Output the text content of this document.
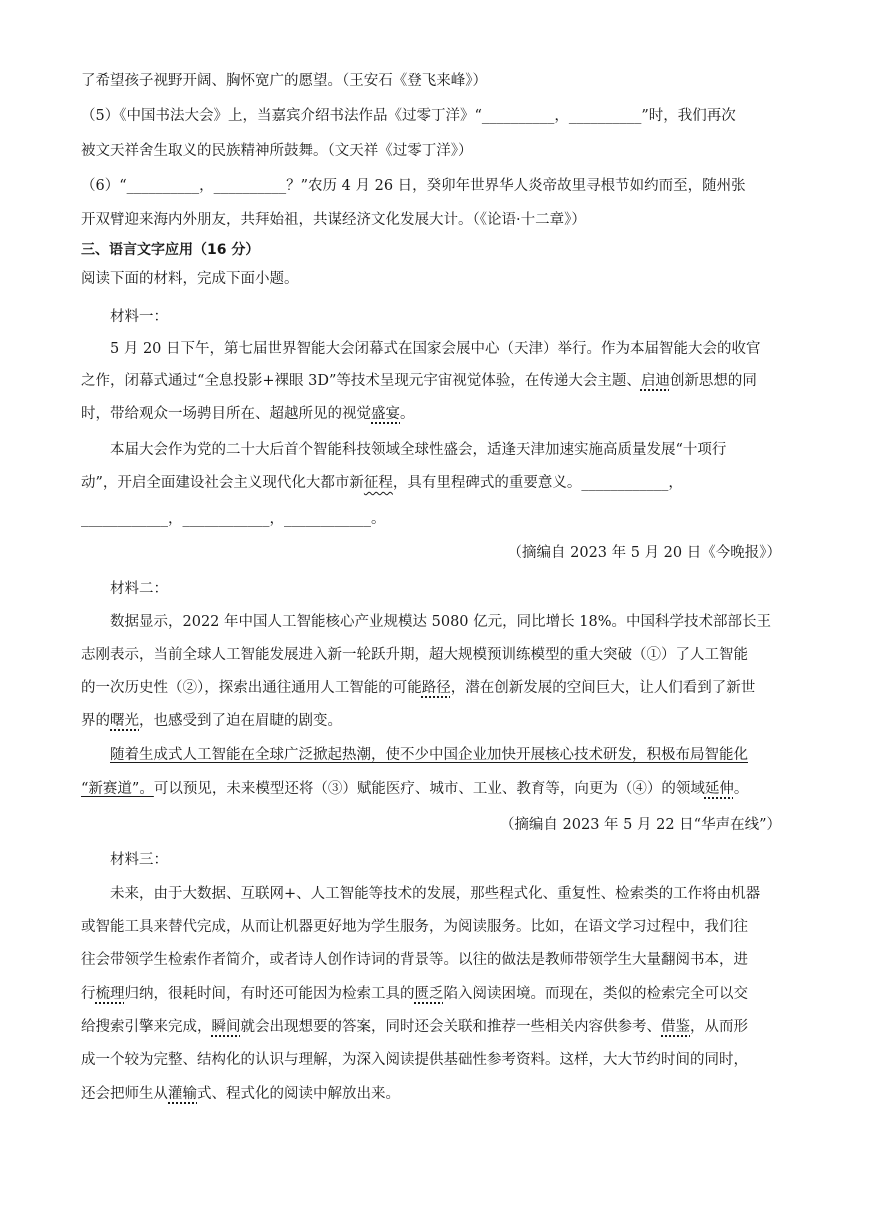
了希望孩子视野开阔、胸怀宽广的愿望。（王安石《登飞来峰》）
（5）《中国书法大会》上，当嘉宾介绍书法作品《过零丁洋》“__________，__________”时，我们再次
被文天祥舍生取义的民族精神所鼓舞。（文天祥《过零丁洋》）
（6）“__________，__________？”农历 4 月 26 日，癸卯年世界华人炎帝故里寻根节如约而至，随州张
开双臂迎来海内外朋友，共拜始祖，共谋经济文化发展大计。（《论语·十二章》）
三、语言文字应用（16 分）
阅读下面的材料，完成下面小题。
材料一：
5 月 20 日下午，第七届世界智能大会闭幕式在国家会展中心（天津）举行。作为本届智能大会的收官
之作，闭幕式通过“全息投影+裸眼 3D”等技术呈现元宇宙视觉体验，在传递大会主题、启迪创新思想的同
时，带给观众一场骋目所在、超越所见的视觉盛宴。
本届大会作为党的二十大后首个智能科技领域全球性盛会，适逢天津加速实施高质量发展“十项行
动”，开启全面建设社会主义现代化大都市新征程，具有里程碑式的重要意义。____________，
____________，____________，____________。
（摘编自 2023 年 5 月 20 日《今晚报》）
材料二：
数据显示，2022 年中国人工智能核心产业规模达 5080 亿元，同比增长 18%。中国科学技术部部长王
志刚表示，当前全球人工智能发展进入新一轮跃升期，超大规模预训练模型的重大突破（①）了人工智能
的一次历史性（②），探索出通往通用人工智能的可能路径，潜在创新发展的空间巨大，让人们看到了新世
界的曙光，也感受到了迫在眉睫的剧变。
随着生成式人工智能在全球广泛掀起热潮，使不少中国企业加快开展核心技术研发，积极布局智能化
“新赛道”。可以预见，未来模型还将（③）赋能医疗、城市、工业、教育等，向更为（④）的领域延伸。
（摘编自 2023 年 5 月 22 日“华声在线”）
材料三：
未来，由于大数据、互联网+、人工智能等技术的发展，那些程式化、重复性、检索类的工作将由机器
或智能工具来替代完成，从而让机器更好地为学生服务，为阅读服务。比如，在语文学习过程中，我们往
往会带领学生检索作者简介，或者诗人创作诗词的背景等。以往的做法是教师带领学生大量翻阅书本，进
行梳理归纳，很耗时间，有时还可能因为检索工具的匮乏陷入阅读困境。而现在，类似的检索完全可以交
给搜索引擎来完成，瞬间就会出现想要的答案，同时还会关联和推荐一些相关内容供参考、借鉴，从而形
成一个较为完整、结构化的认识与理解，为深入阅读提供基础性参考资料。这样，大大节约时间的同时，
还会把师生从灌输式、程式化的阅读中解放出来。
